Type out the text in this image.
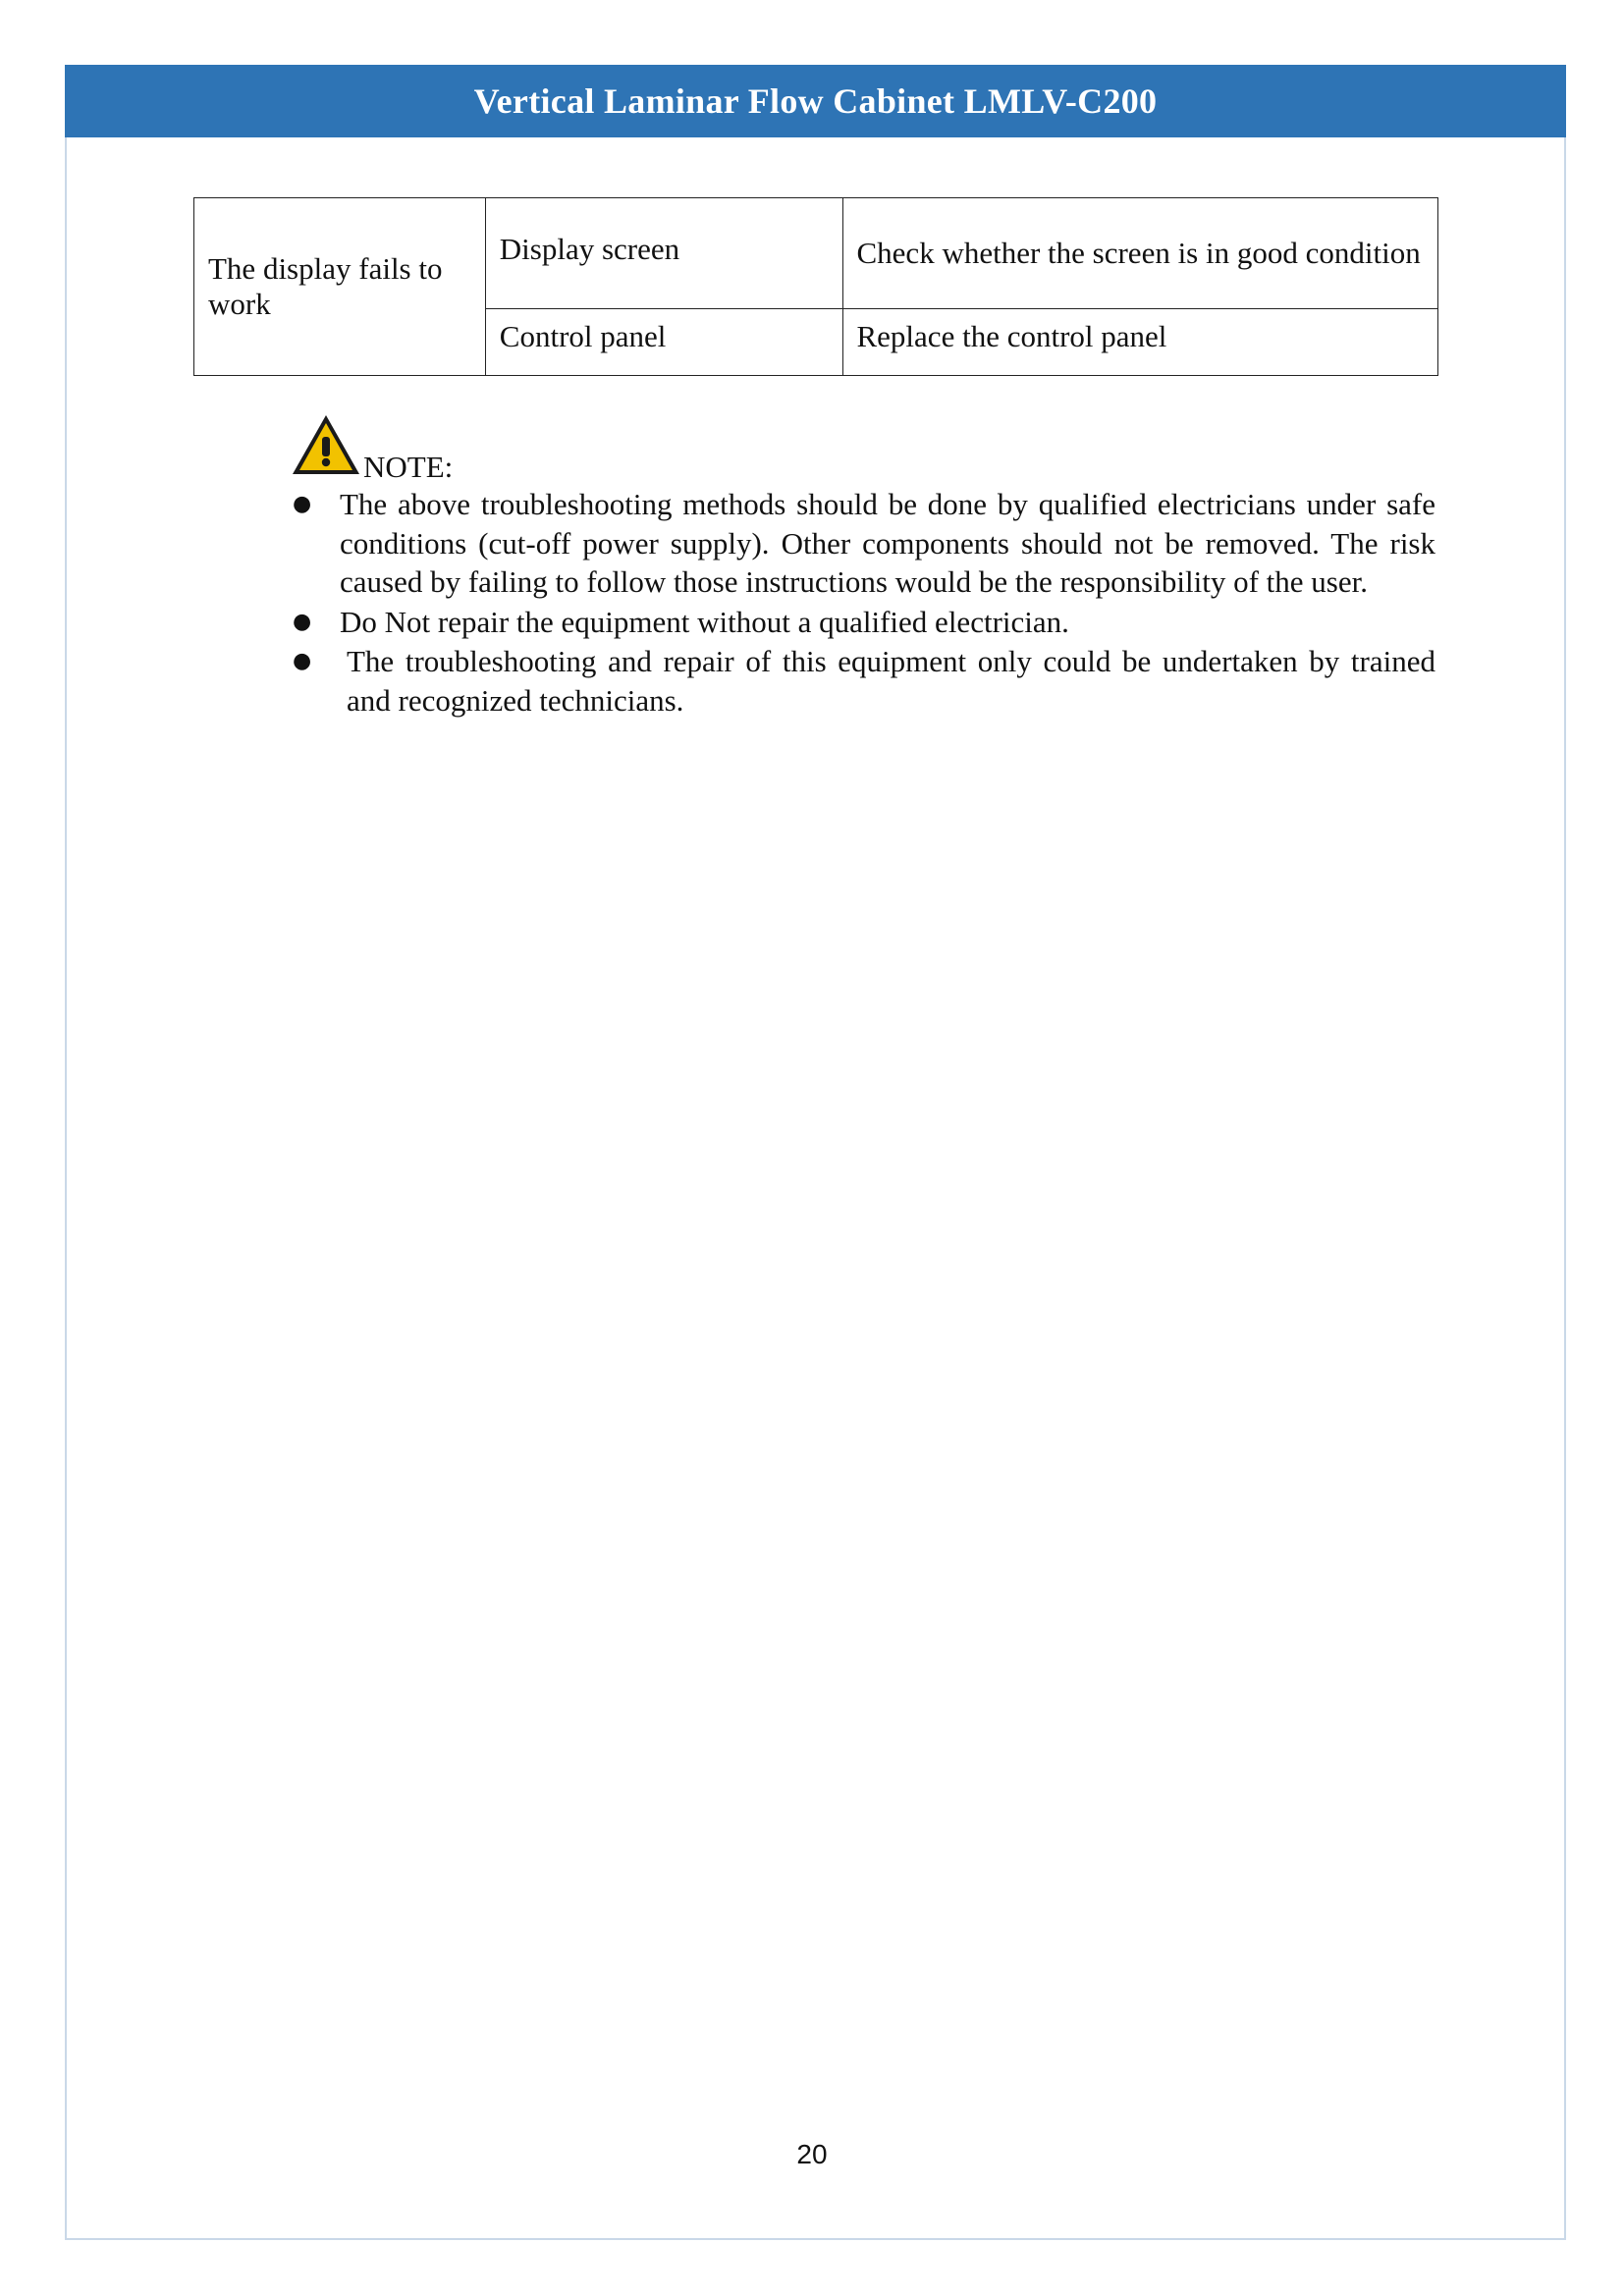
Vertical Laminar Flow Cabinet LMLV-C200
The display fails to work	Display screen	Check whether the screen is in good condition
	Control panel	Replace the control panel
NOTE:
● The above troubleshooting methods should be done by qualified electricians under safe conditions (cut-off power supply). Other components should not be removed. The risk caused by failing to follow those instructions would be the responsibility of the user.
● Do Not repair the equipment without a qualified electrician.
● The troubleshooting and repair of this equipment only could be undertaken by trained and recognized technicians.
20
